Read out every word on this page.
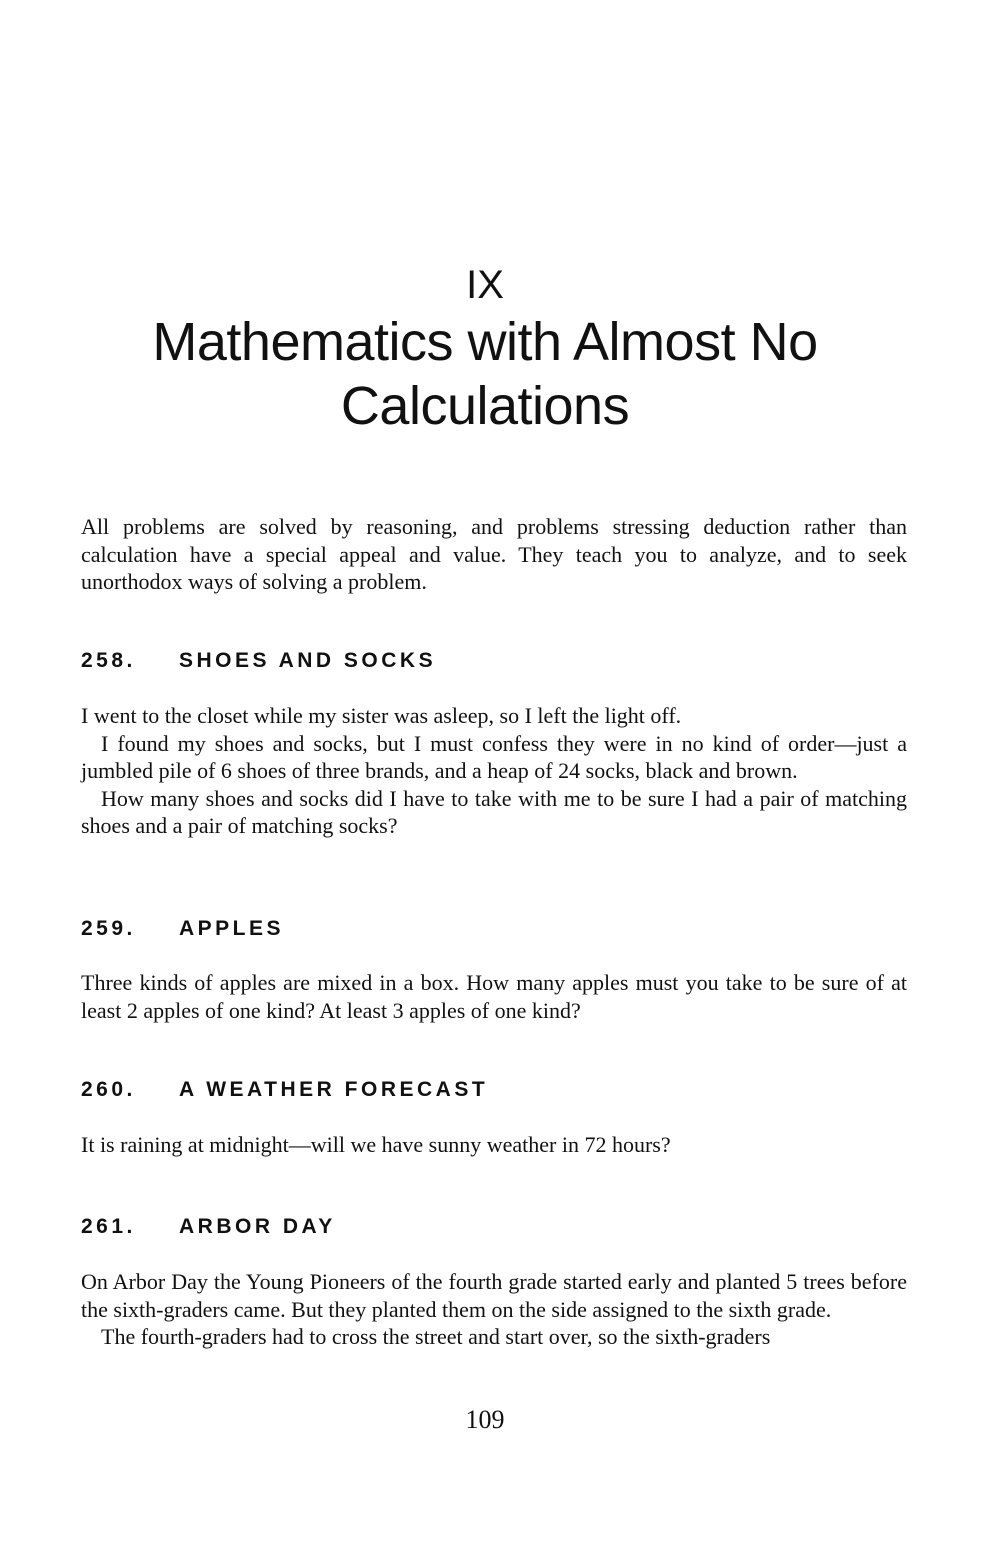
IX
Mathematics with Almost No
Calculations

All problems are solved by reasoning, and problems stressing deduction rather than calculation have a special appeal and value. They teach you to analyze, and to seek unorthodox ways of solving a problem.

258. SHOES AND SOCKS

I went to the closet while my sister was asleep, so I left the light off.

I found my shoes and socks, but I must confess they were in no kind of order—just a jumbled pile of 6 shoes of three brands, and a heap of 24 socks, black and brown.

How many shoes and socks did I have to take with me to be sure I had a pair of matching shoes and a pair of matching socks?

259. APPLES

Three kinds of apples are mixed in a box. How many apples must you take to be sure of at least 2 apples of one kind? At least 3 apples of one kind?

260. A WEATHER FORECAST

It is raining at midnight—will we have sunny weather in 72 hours?

261. ARBOR DAY

On Arbor Day the Young Pioneers of the fourth grade started early and planted 5 trees before the sixth-graders came. But they planted them on the side assigned to the sixth grade.

The fourth-graders had to cross the street and start over, so the sixth-graders

109
